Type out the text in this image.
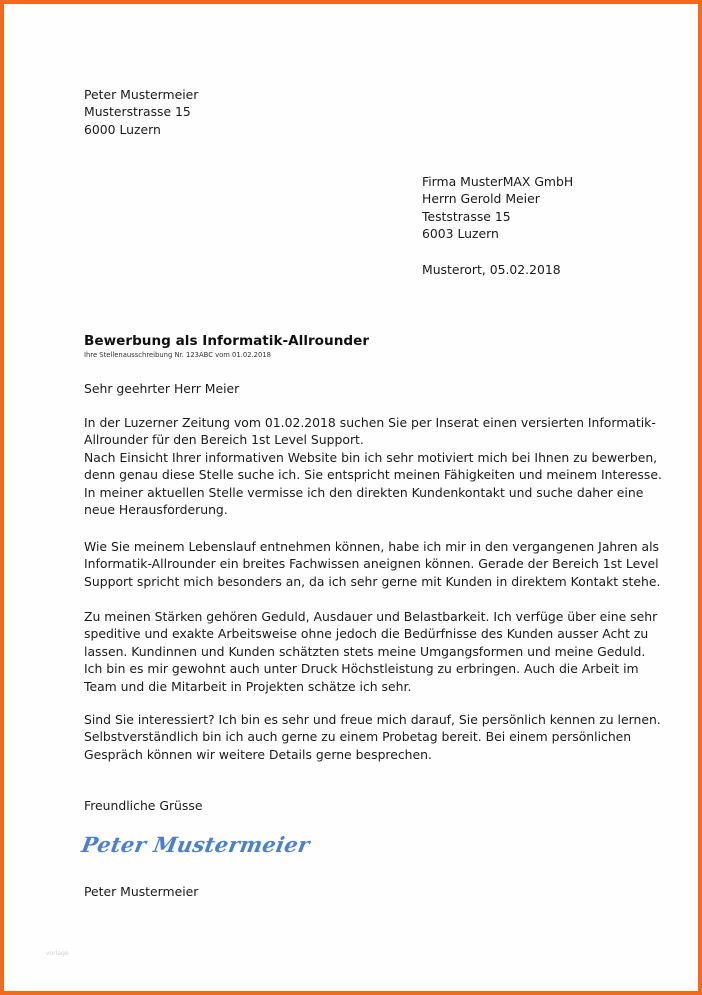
Peter Mustermeier
Musterstrasse 15
6000 Luzern
Firma MusterMAX GmbH
Herrn Gerold Meier
Teststrasse 15
6003 Luzern
Musterort, 05.02.2018
Bewerbung als Informatik-Allrounder
Ihre Stellenausschreibung Nr. 123ABC vom 01.02.2018
Sehr geehrter Herr Meier
In der Luzerner Zeitung vom 01.02.2018 suchen Sie per Inserat einen versierten Informatik-
Allrounder für den Bereich 1st Level Support.
Nach Einsicht Ihrer informativen Website bin ich sehr motiviert mich bei Ihnen zu bewerben,
denn genau diese Stelle suche ich. Sie entspricht meinen Fähigkeiten und meinem Interesse.
In meiner aktuellen Stelle vermisse ich den direkten Kundenkontakt und suche daher eine
neue Herausforderung.
Wie Sie meinem Lebenslauf entnehmen können, habe ich mir in den vergangenen Jahren als
Informatik-Allrounder ein breites Fachwissen aneignen können. Gerade der Bereich 1st Level
Support spricht mich besonders an, da ich sehr gerne mit Kunden in direktem Kontakt stehe.
Zu meinen Stärken gehören Geduld, Ausdauer und Belastbarkeit. Ich verfüge über eine sehr
speditive und exakte Arbeitsweise ohne jedoch die Bedürfnisse des Kunden ausser Acht zu
lassen. Kundinnen und Kunden schätzten stets meine Umgangsformen und meine Geduld.
Ich bin es mir gewohnt auch unter Druck Höchstleistung zu erbringen. Auch die Arbeit im
Team und die Mitarbeit in Projekten schätze ich sehr.
Sind Sie interessiert? Ich bin es sehr und freue mich darauf, Sie persönlich kennen zu lernen.
Selbstverständlich bin ich auch gerne zu einem Probetag bereit. Bei einem persönlichen
Gespräch können wir weitere Details gerne besprechen.
Freundliche Grüsse
Peter Mustermeier
Peter Mustermeier
vorlage
